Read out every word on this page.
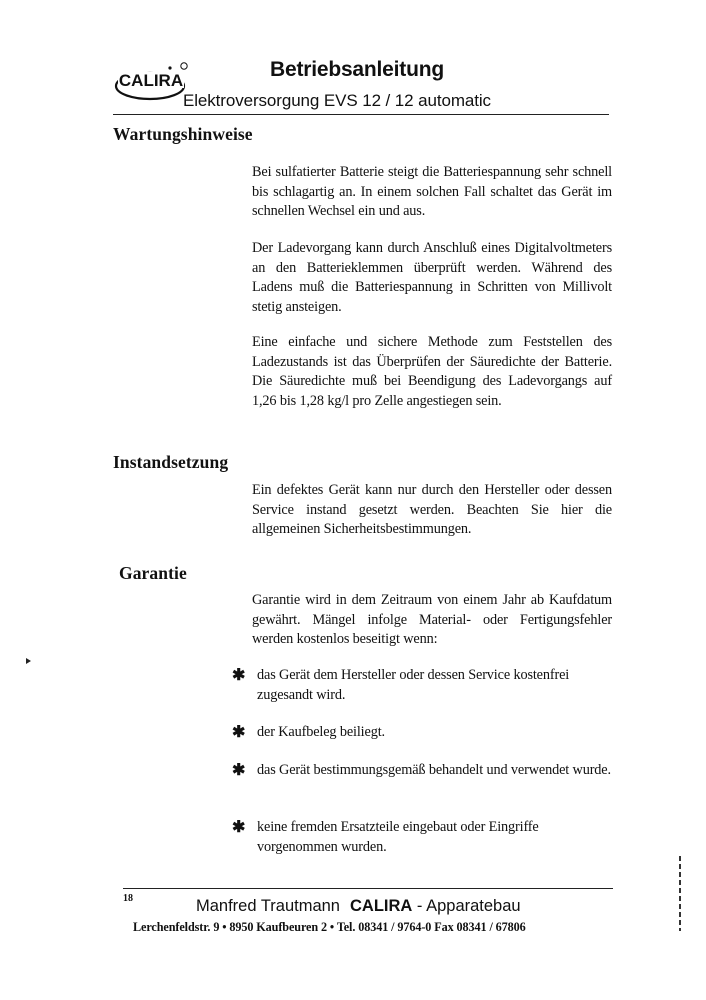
CALIRA	Betriebsanleitung
Elektroversorgung EVS 12 / 12 automatic
Wartungshinweise
Bei sulfatierter Batterie steigt die Batteriespannung sehr schnell bis schlagartig an. In einem solchen Fall schaltet das Gerät im schnellen Wechsel ein und aus.
Der Ladevorgang kann durch Anschluß eines Digitalvoltmeters an den Batterieklemmen überprüft werden. Während des Ladens muß die Batteriespannung in Schritten von Millivolt stetig ansteigen.
Eine einfache und sichere Methode zum Feststellen des Ladezustands ist das Überprüfen der Säuredichte der Batterie. Die Säuredichte muß bei Beendigung des Ladevorgangs auf 1,26 bis 1,28 kg/l pro Zelle angestiegen sein.
Instandsetzung
Ein defektes Gerät kann nur durch den Hersteller oder dessen Service instand gesetzt werden. Beachten Sie hier die allgemeinen Sicherheitsbestimmungen.
Garantie
Garantie wird in dem Zeitraum von einem Jahr ab Kaufdatum gewährt. Mängel infolge Material- oder Fertigungsfehler werden kostenlos beseitigt wenn:
✱ das Gerät dem Hersteller oder dessen Service kostenfrei zugesandt wird.
✱ der Kaufbeleg beiliegt.
✱ das Gerät bestimmungsgemäß behandelt und verwendet wurde.
✱ keine fremden Ersatzteile eingebaut oder Eingriffe vorgenommen wurden.
18	Manfred Trautmann CALIRA - Apparatebau
Lerchenfeldstr. 9 • 8950 Kaufbeuren 2 • Tel. 08341 / 9764-0 Fax 08341 / 67806
